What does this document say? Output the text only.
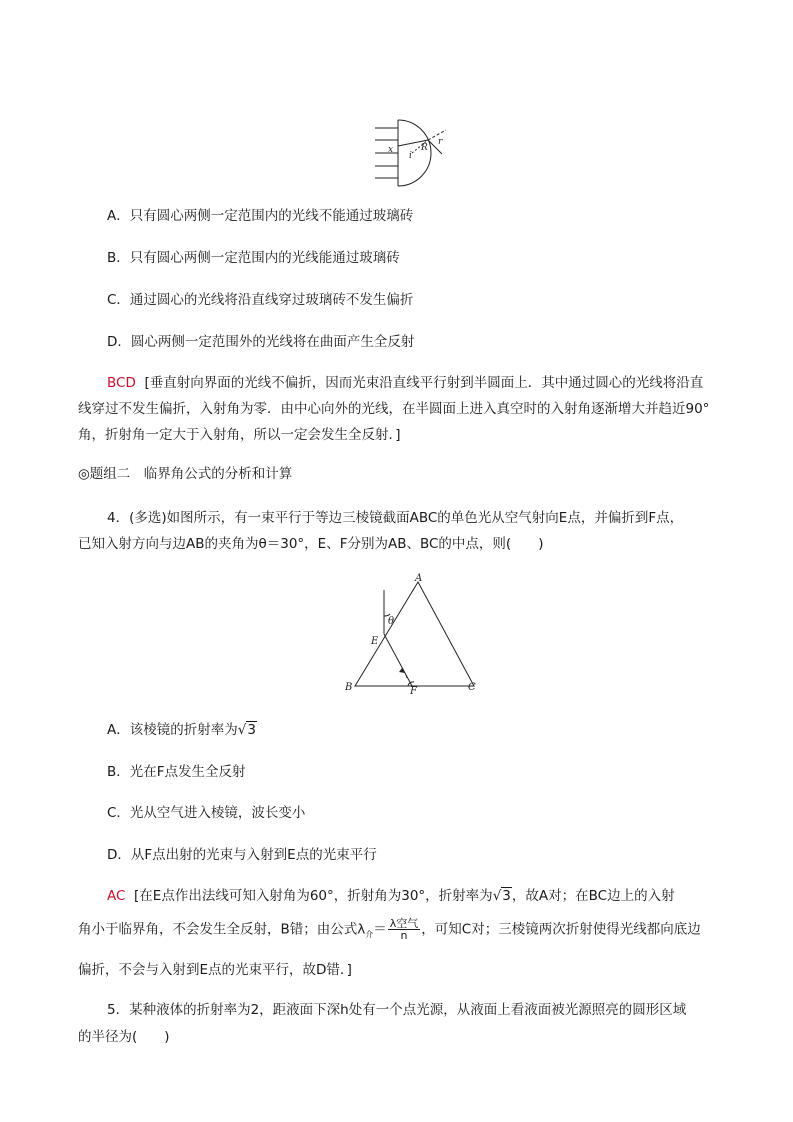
x
i
R
r
A．只有圆心两侧一定范围内的光线不能通过玻璃砖
B．只有圆心两侧一定范围内的光线能通过玻璃砖
C．通过圆心的光线将沿直线穿过玻璃砖不发生偏折
D．圆心两侧一定范围外的光线将在曲面产生全反射
BCD [垂直射向界面的光线不偏折，因而光束沿直线平行射到半圆面上．其中通过圆心的光线将沿直
线穿过不发生偏折，入射角为零．由中心向外的光线，在半圆面上进入真空时的入射角逐渐增大并趋近90°
角，折射角一定大于入射角，所以一定会发生全反射．]
◎题组二　临界角公式的分析和计算
4．(多选)如图所示，有一束平行于等边三棱镜截面ABC的单色光从空气射向E点，并偏折到F点，
已知入射方向与边AB的夹角为θ＝30°，E、F分别为AB、BC的中点，则(　　)
A
θ
E
B	F	C
A．该棱镜的折射率为√3
B．光在F点发生全反射
C．光从空气进入棱镜，波长变小
D．从F点出射的光束与入射到E点的光束平行
AC [在E点作出法线可知入射角为60°，折射角为30°，折射率为√3，故A对；在BC边上的入射
角小于临界角，不会发生全反射，B错；由公式$\lambda_介= \frac{\text{λ空气}}{n}$ ，可知C对；三棱镜两次折射使得光线都向底边
偏折，不会与入射到E点的光束平行，故D错．]
5．某种液体的折射率为2，距液面下深h处有一个点光源，从液面上看液面被光源照亮的圆形区域
的半径为(　　)
